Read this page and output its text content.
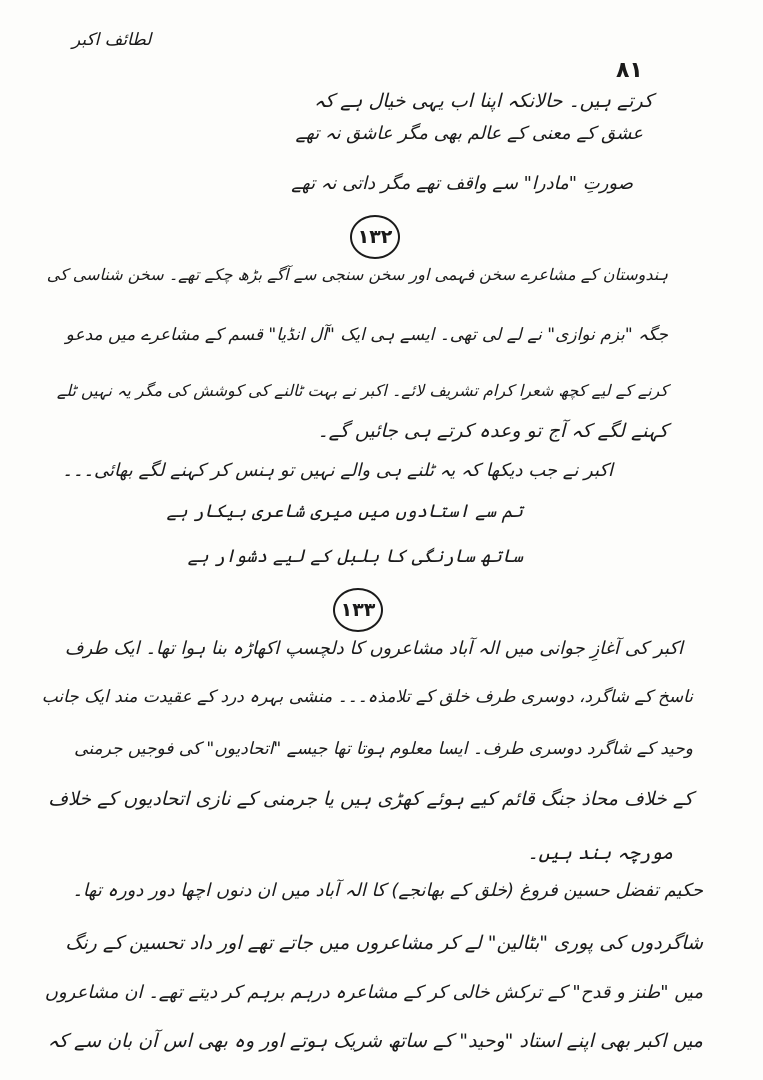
لطائف اکبر
۸۱
کرتے ہیں۔ حالانکہ اپنا اب یہی خیال ہے کہ
عشق کے معنی کے عالم بھی مگر عاشق نہ تھے
صورتِ "مادرا" سے واقف تھے مگر داتی نہ تھے
۱۳۲
ہندوستان کے مشاعرے سخن فہمی اور سخن سنجی سے آگے بڑھ چکے تھے۔ سخن شناسی کی
جگہ "بزم نوازی" نے لے لی تھی۔ ایسے ہی ایک "آل انڈیا" قسم کے مشاعرے میں مدعو
کرنے کے لیے کچھ شعرا کرام تشریف لائے۔ اکبر نے بہت ٹالنے کی کوشش کی مگر یہ نہیں ٹلے
کہنے لگے کہ آج تو وعدہ کرتے ہی جائیں گے۔
اکبر نے جب دیکھا کہ یہ ٹلنے ہی والے نہیں تو ہنس کر کہنے لگے بھائی۔۔۔
تم سے استادوں میں میری شاعری بیکار ہے
ساتھ سارنگی کا بلبل کے لیے دشوار ہے
۱۳۳
اکبر کی آغازِ جوانی میں الہ آباد مشاعروں کا دلچسپ اکھاڑہ بنا ہوا تھا۔ ایک طرف
ناسخ کے شاگرد، دوسری طرف خلق کے تلامذہ۔۔۔ منشی بہرہ درد کے عقیدت مند ایک جانب
وحید کے شاگرد دوسری طرف۔ ایسا معلوم ہوتا تھا جیسے "اتحادیوں" کی فوجیں جرمنی
کے خلاف محاذ جنگ قائم کیے ہوئے کھڑی ہیں یا جرمنی کے نازی اتحادیوں کے خلاف
مورچہ بند ہیں۔
حکیم تفضل حسین فروغ (خلق کے بھانجے) کا الہ آباد میں ان دنوں اچھا دور دورہ تھا۔
شاگردوں کی پوری "بٹالین" لے کر مشاعروں میں جاتے تھے اور داد تحسین کے رنگ
میں "طنز و قدح" کے ترکش خالی کر کے مشاعرہ درہم برہم کر دیتے تھے۔ ان مشاعروں
میں اکبر بھی اپنے استاد "وحید" کے ساتھ شریک ہوتے اور وہ بھی اس آن بان سے کہ
